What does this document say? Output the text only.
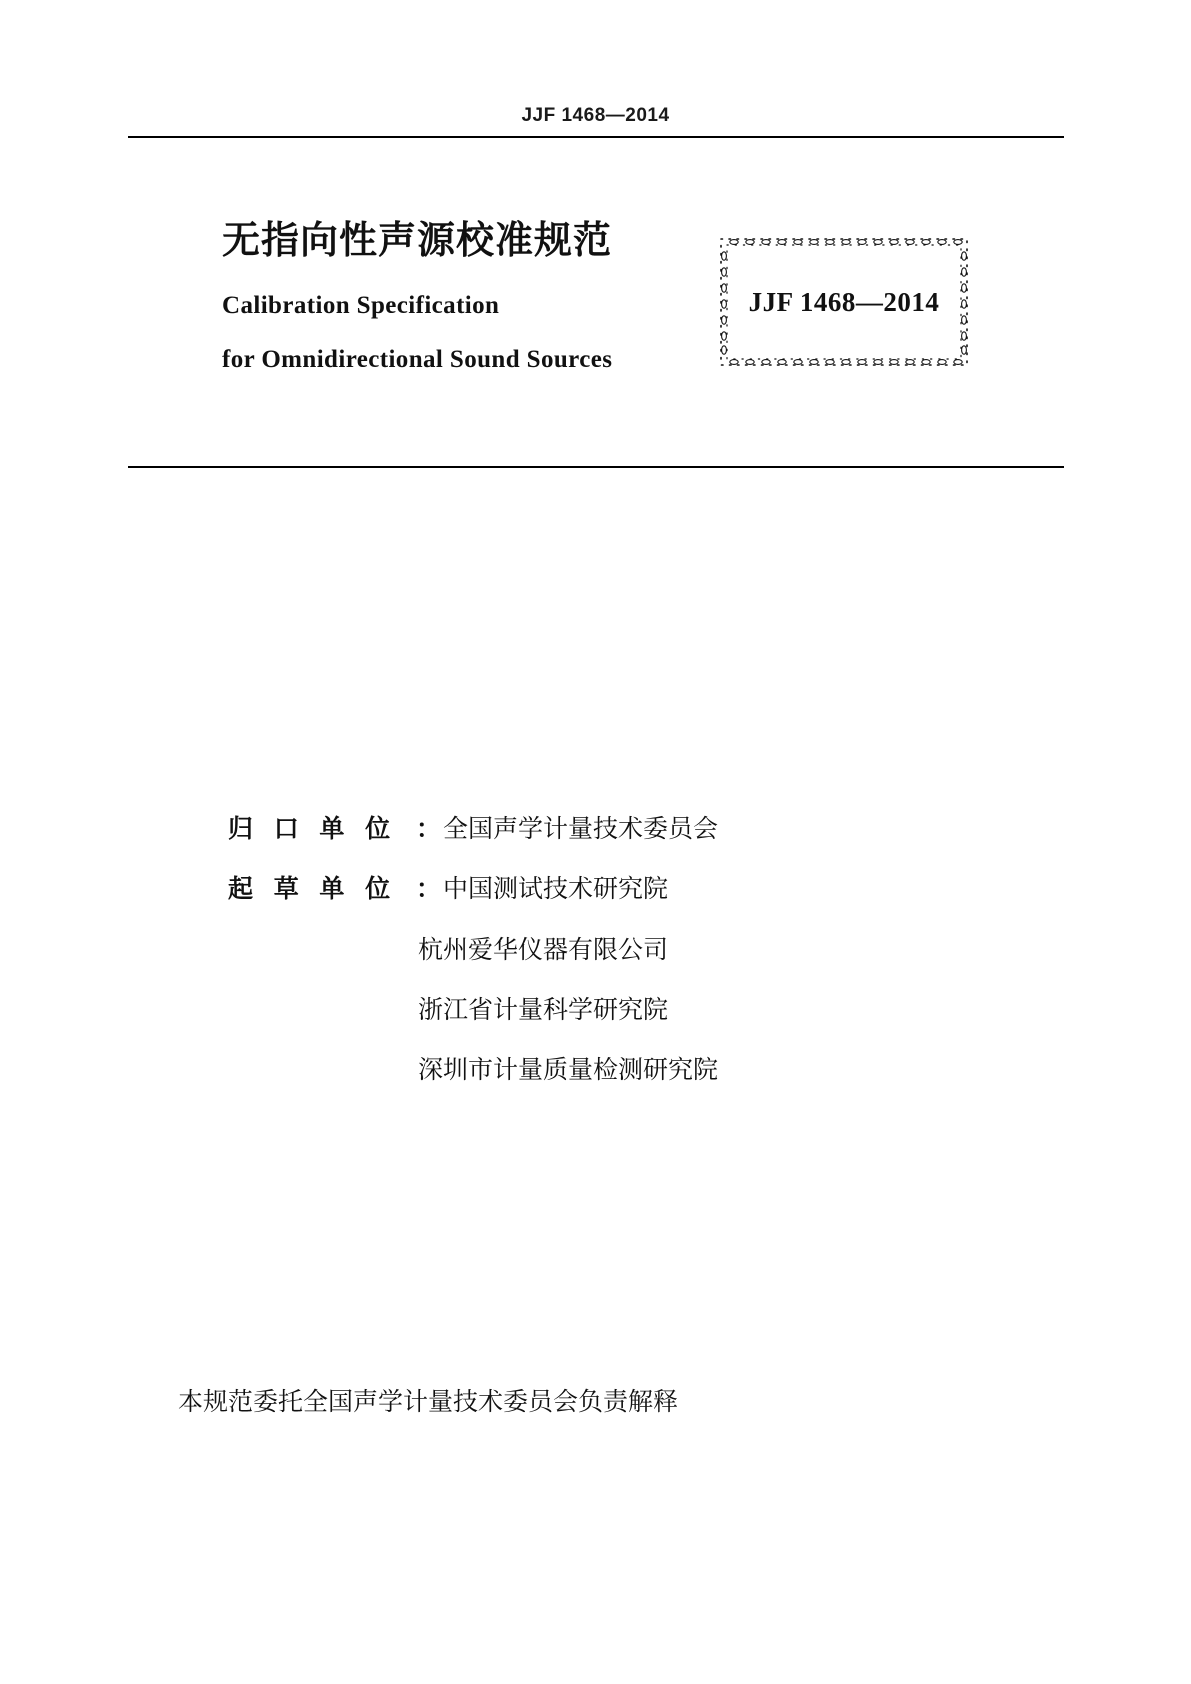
JJF 1468—2014
无指向性声源校准规范
Calibration Specification
for Omnidirectional Sound Sources
JJF 1468—2014
归 口 单 位 ： 全国声学计量技术委员会
起 草 单 位 ： 中国测试技术研究院
杭州爱华仪器有限公司
浙江省计量科学研究院
深圳市计量质量检测研究院
本规范委托全国声学计量技术委员会负责解释
